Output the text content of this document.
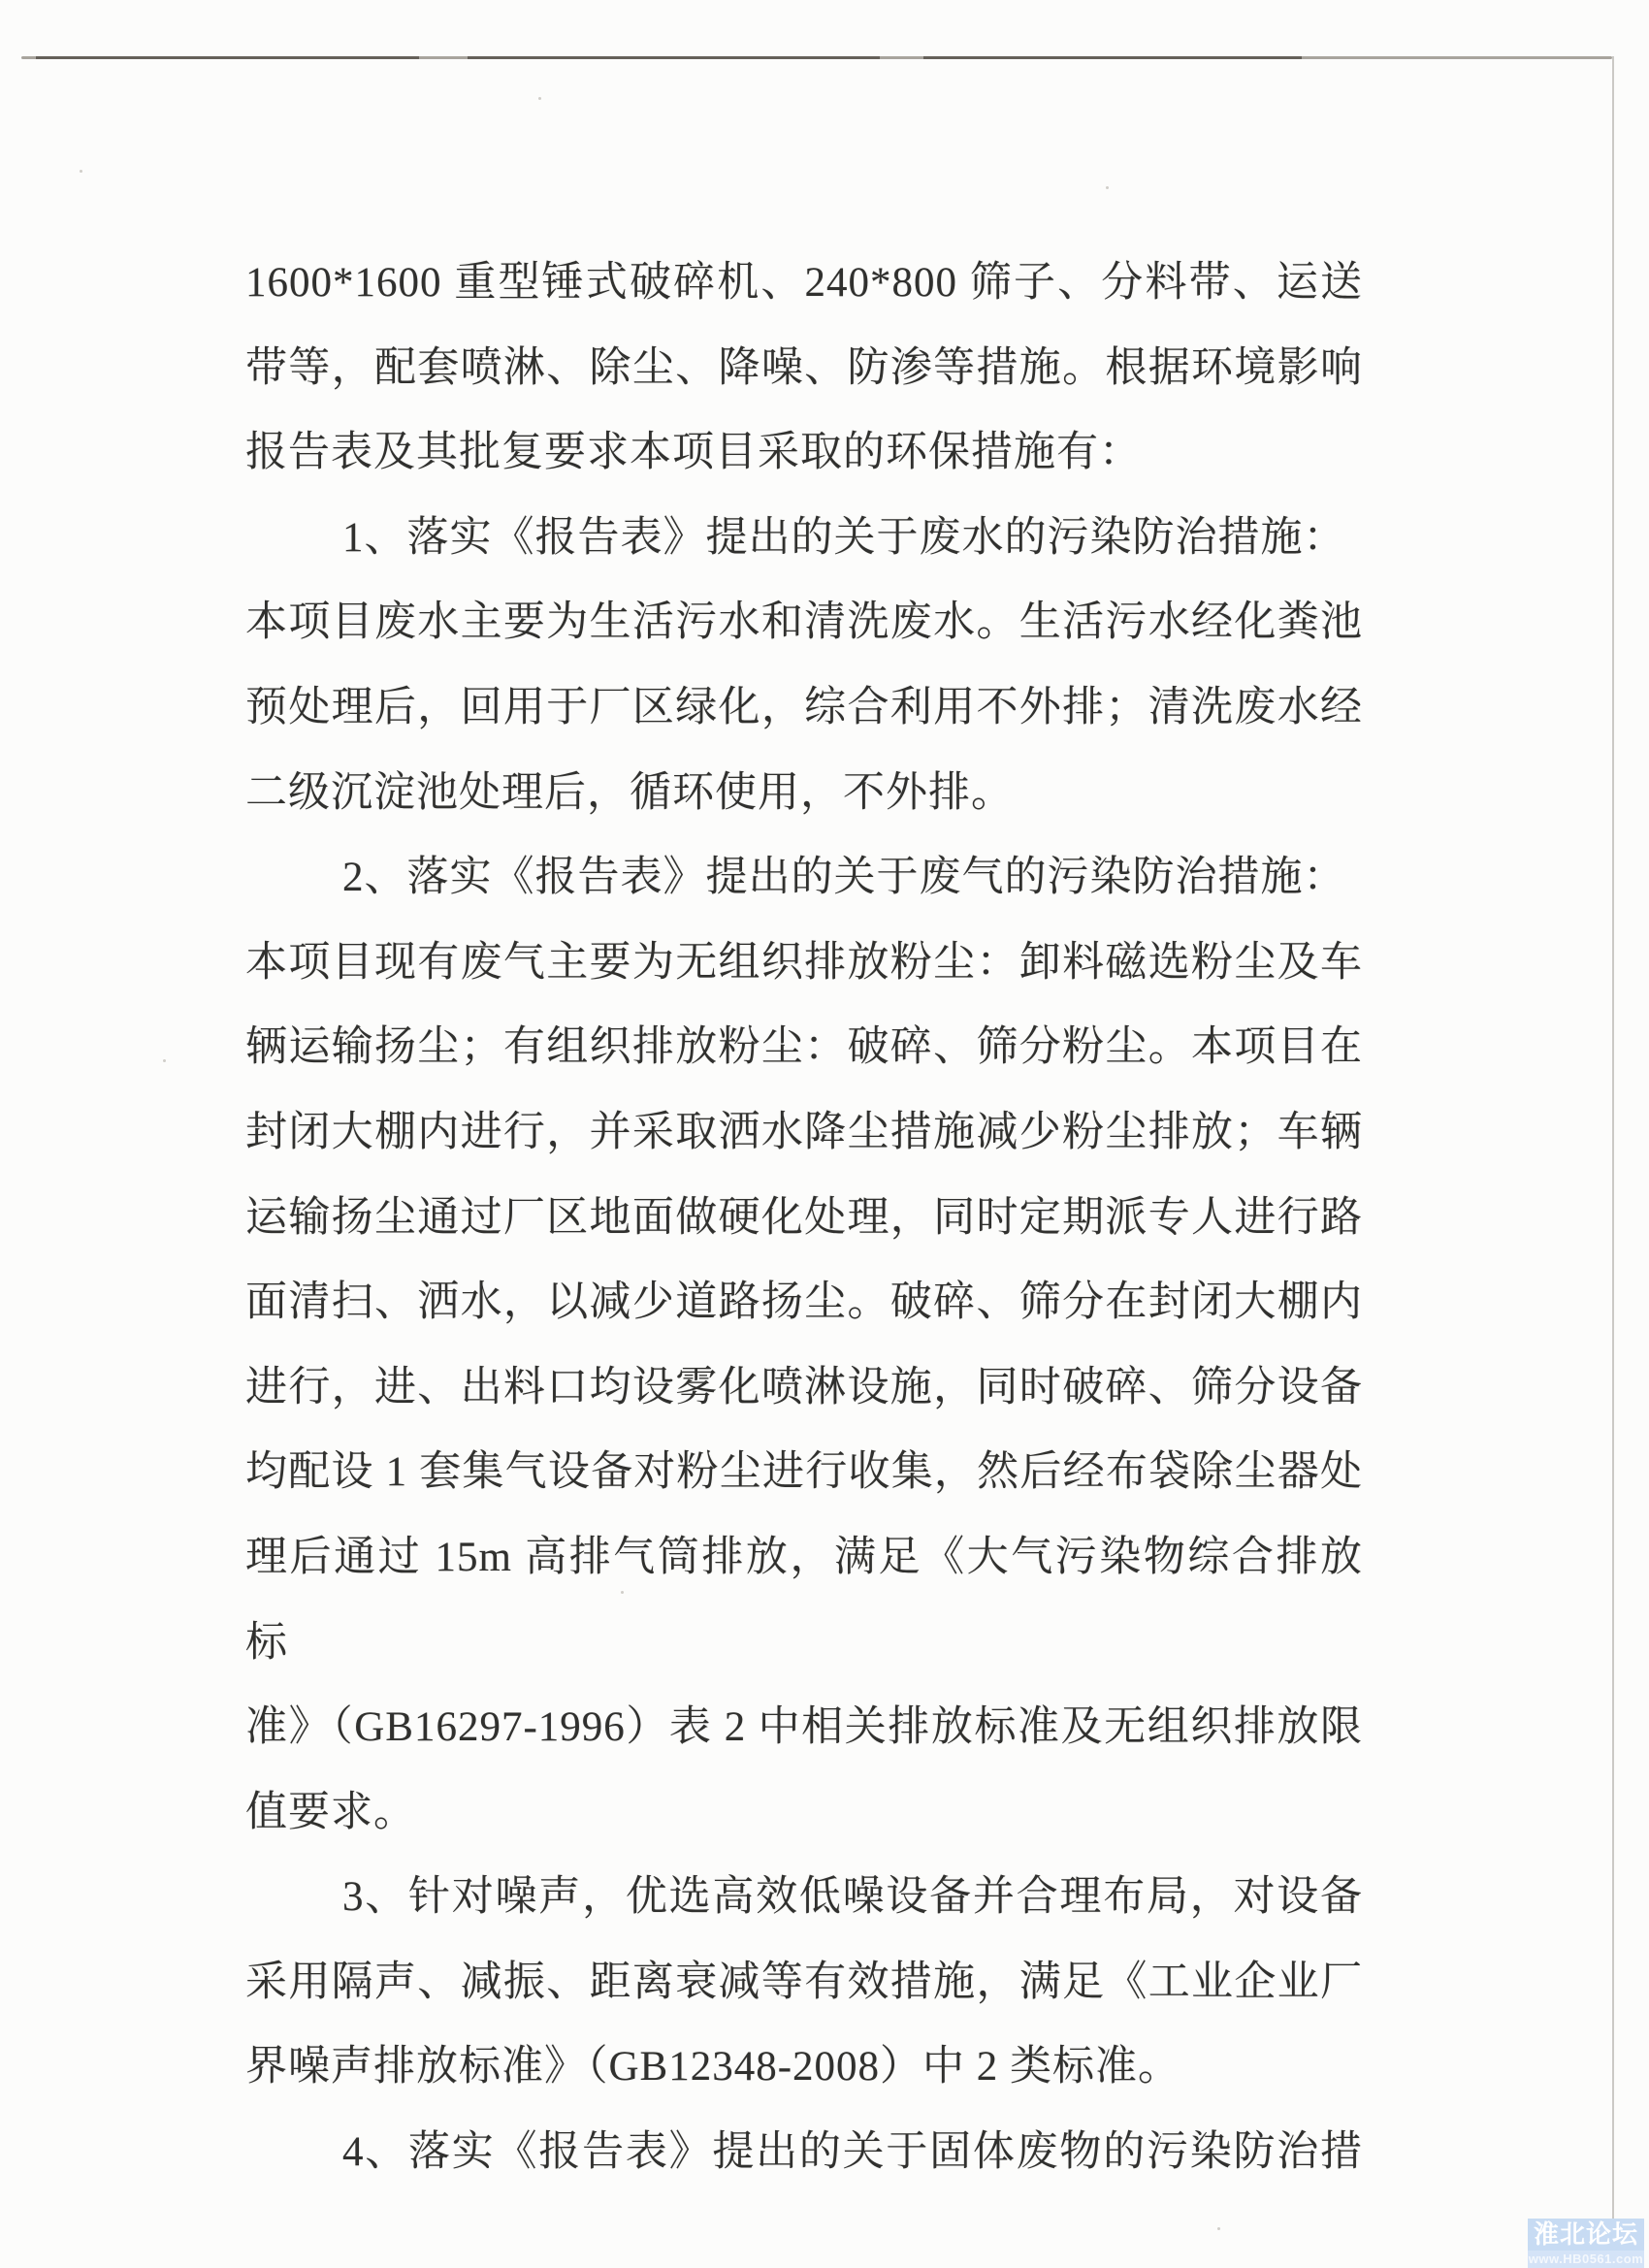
1600*1600 重型锤式破碎机、240*800 筛子、分料带、运送
带等，配套喷淋、除尘、降噪、防渗等措施。根据环境影响
报告表及其批复要求本项目采取的环保措施有：
1、落实《报告表》提出的关于废水的污染防治措施：
本项目废水主要为生活污水和清洗废水。生活污水经化粪池
预处理后，回用于厂区绿化，综合利用不外排；清洗废水经
二级沉淀池处理后，循环使用，不外排。
2、落实《报告表》提出的关于废气的污染防治措施：
本项目现有废气主要为无组织排放粉尘：卸料磁选粉尘及车
辆运输扬尘；有组织排放粉尘：破碎、筛分粉尘。本项目在
封闭大棚内进行，并采取洒水降尘措施减少粉尘排放；车辆
运输扬尘通过厂区地面做硬化处理，同时定期派专人进行路
面清扫、洒水，以减少道路扬尘。破碎、筛分在封闭大棚内
进行，进、出料口均设雾化喷淋设施，同时破碎、筛分设备
均配设 1 套集气设备对粉尘进行收集，然后经布袋除尘器处
理后通过 15m 高排气筒排放，满足《大气污染物综合排放标
准》（GB16297-1996）表 2 中相关排放标准及无组织排放限
值要求。
3、针对噪声，优选高效低噪设备并合理布局，对设备
采用隔声、减振、距离衰减等有效措施，满足《工业企业厂
界噪声排放标准》（GB12348-2008）中 2 类标准。
4、落实《报告表》提出的关于固体废物的污染防治措
淮北论坛
www.HB0561.com
